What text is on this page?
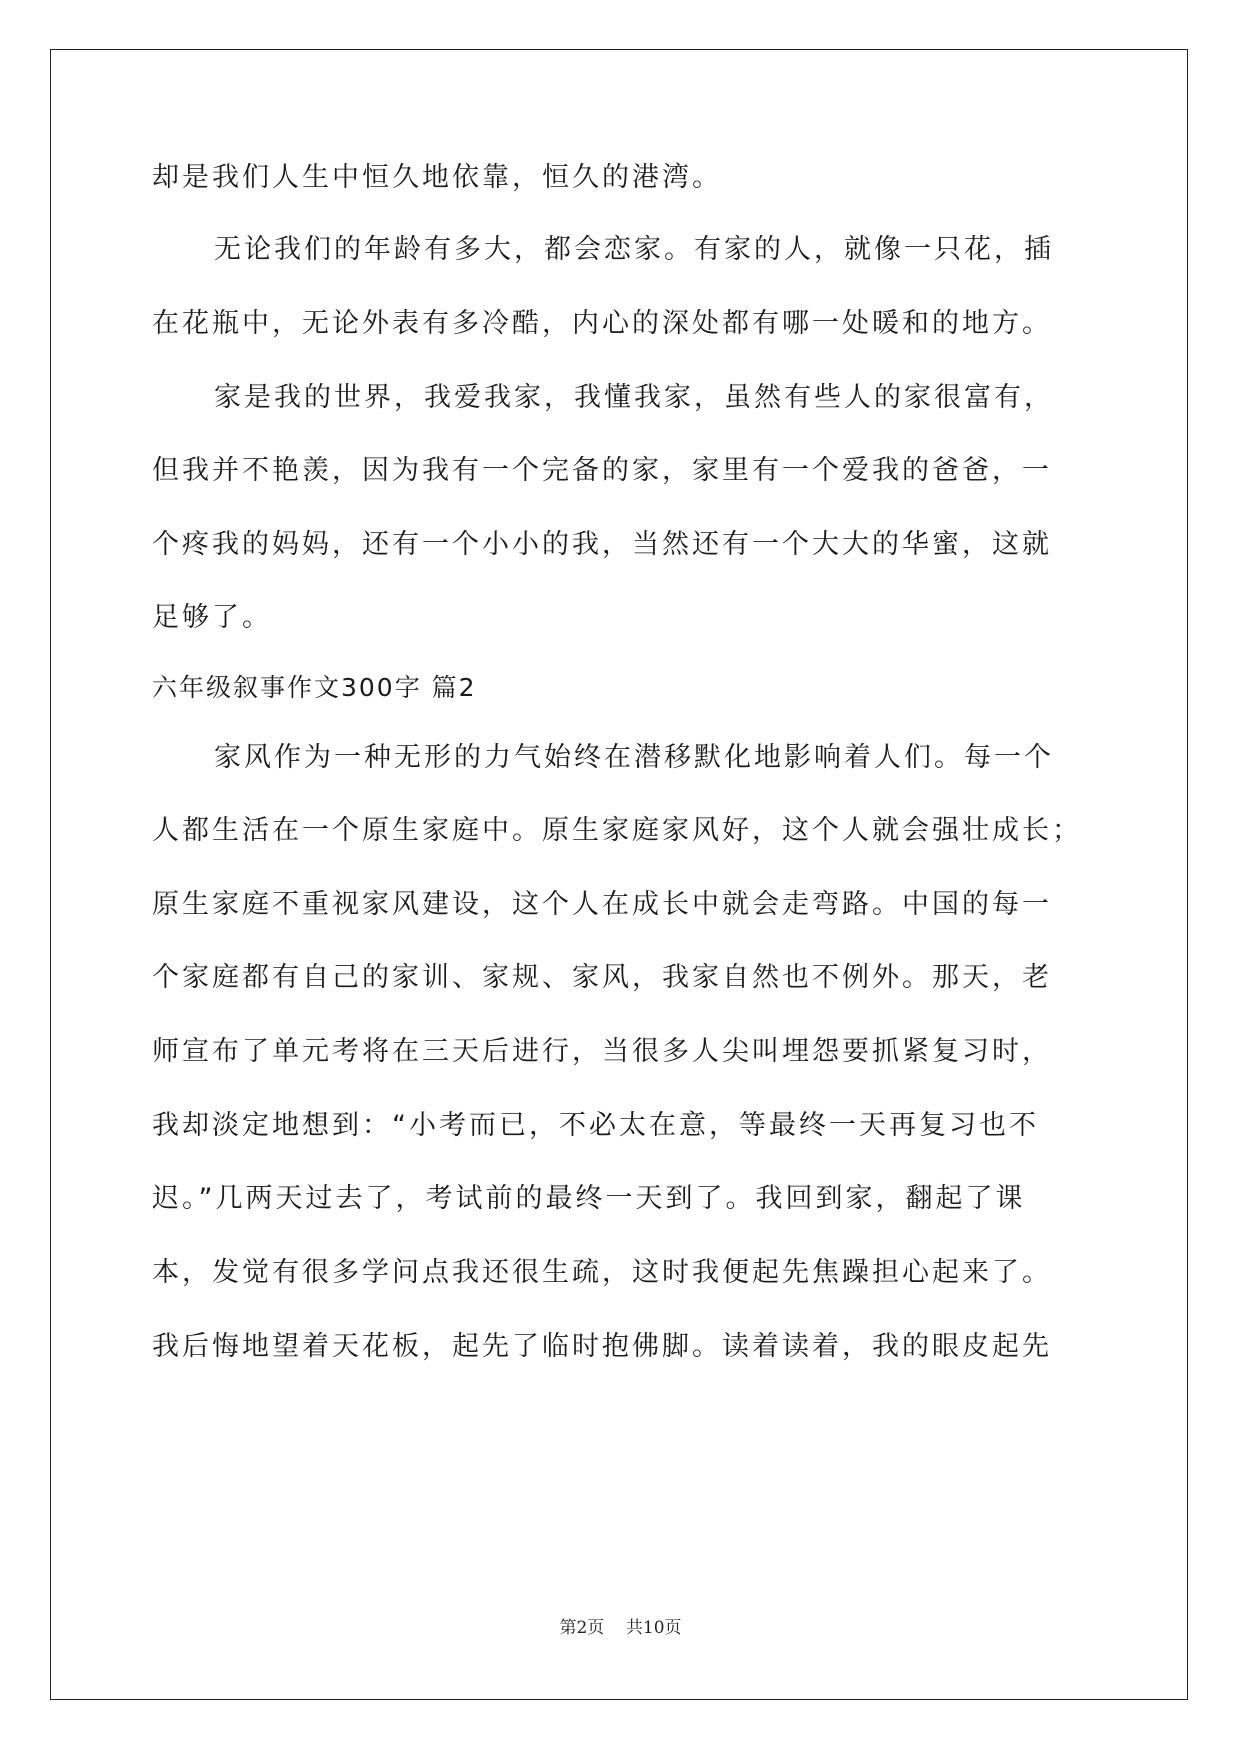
却是我们人生中恒久地依靠，恒久的港湾。
无论我们的年龄有多大，都会恋家。有家的人，就像一只花，插
在花瓶中，无论外表有多冷酷，内心的深处都有哪一处暖和的地方。
家是我的世界，我爱我家，我懂我家，虽然有些人的家很富有，
但我并不艳羡，因为我有一个完备的家，家里有一个爱我的爸爸，一
个疼我的妈妈，还有一个小小的我，当然还有一个大大的华蜜，这就
足够了。
六年级叙事作文300字 篇2
家风作为一种无形的力气始终在潜移默化地影响着人们。每一个
人都生活在一个原生家庭中。原生家庭家风好，这个人就会强壮成长；
原生家庭不重视家风建设，这个人在成长中就会走弯路。中国的每一
个家庭都有自己的家训、家规、家风，我家自然也不例外。那天，老
师宣布了单元考将在三天后进行，当很多人尖叫埋怨要抓紧复习时，
我却淡定地想到：“小考而已，不必太在意，等最终一天再复习也不
迟。”几两天过去了，考试前的最终一天到了。我回到家，翻起了课
本，发觉有很多学问点我还很生疏，这时我便起先焦躁担心起来了。
我后悔地望着天花板，起先了临时抱佛脚。读着读着，我的眼皮起先
第2页 共10页
